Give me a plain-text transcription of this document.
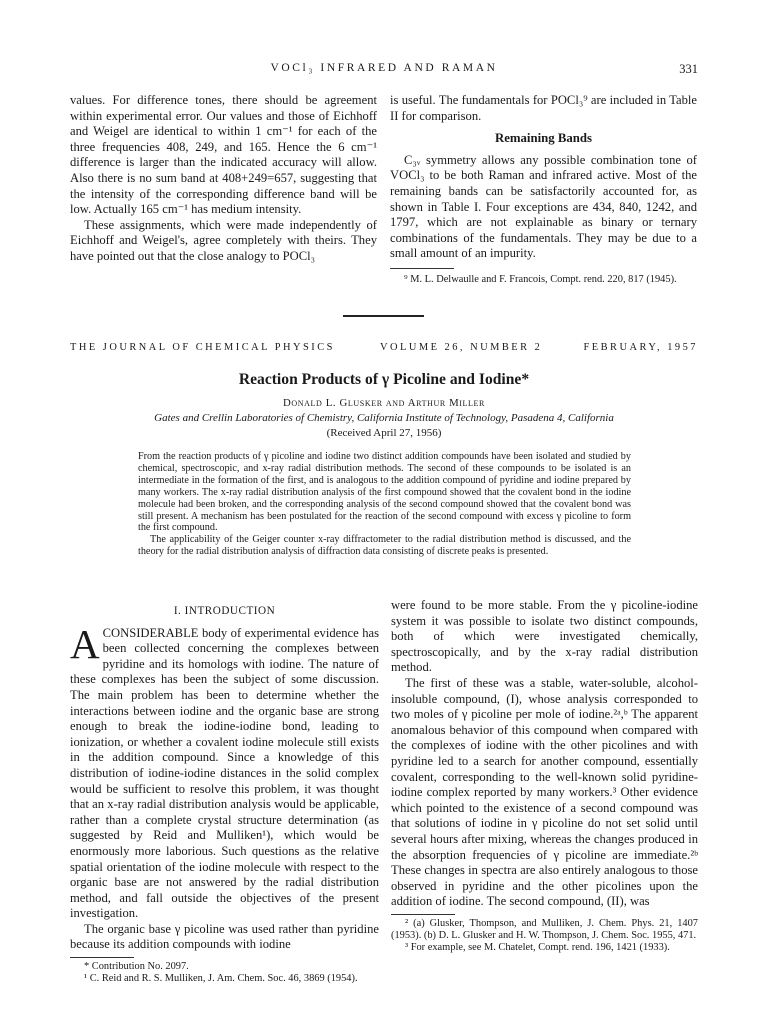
VOCl₃ INFRARED AND RAMAN	331

values. For difference tones, there should be agreement within experimental error. Our values and those of Eichhoff and Weigel are identical to within 1 cm⁻¹ for each of the three frequencies 408, 249, and 165. Hence the 6 cm⁻¹ difference is larger than the indicated accuracy will allow. Also there is no sum band at 408+249=657, suggesting that the intensity of the corresponding difference band will be low. Actually 165 cm⁻¹ has medium intensity.

These assignments, which were made independently of Eichhoff and Weigel's, agree completely with theirs. They have pointed out that the close analogy to POCl₃

is useful. The fundamentals for POCl₃⁹ are included in Table II for comparison.

Remaining Bands

C₃ᵥ symmetry allows any possible combination tone of VOCl₃ to be both Raman and infrared active. Most of the remaining bands can be satisfactorily accounted for, as shown in Table I. Four exceptions are 434, 840, 1242, and 1797, which are not explainable as binary or ternary combinations of the fundamentals. They may be due to a small amount of an impurity.

⁹ M. L. Delwaulle and F. Francois, Compt. rend. 220, 817 (1945).

THE JOURNAL OF CHEMICAL PHYSICS	VOLUME 26, NUMBER 2	FEBRUARY, 1957
Reaction Products of γ Picoline and Iodine*
Donald L. Glusker and Arthur Miller
Gates and Crellin Laboratories of Chemistry, California Institute of Technology, Pasadena 4, California
(Received April 27, 1956)

From the reaction products of γ picoline and iodine two distinct addition compounds have been isolated and studied by chemical, spectroscopic, and x-ray radial distribution methods. The second of these compounds to be isolated is an intermediate in the formation of the first, and is analogous to the addition compound of pyridine and iodine prepared by many workers. The x-ray radial distribution analysis of the first compound showed that the covalent bond in the iodine molecule had been broken, and the corresponding analysis of the second compound showed that the covalent bond was still present. A mechanism has been postulated for the reaction of the second compound with excess γ picoline to form the first compound.

The applicability of the Geiger counter x-ray diffractometer to the radial distribution method is discussed, and the theory for the radial distribution analysis of diffraction data consisting of discrete peaks is presented.

I. INTRODUCTION

ACONSIDERABLE body of experimental evidence has been collected concerning the complexes between pyridine and its homologs with iodine. The nature of these complexes has been the subject of some discussion. The main problem has been to determine whether the interactions between iodine and the organic base are strong enough to break the iodine-iodine bond, leading to ionization, or whether a covalent iodine molecule still exists in the addition compound. Since a knowledge of this distribution of iodine-iodine distances in the solid complex would be sufficient to resolve this problem, it was thought that an x-ray radial distribution analysis would be applicable, rather than a complete crystal structure determination (as suggested by Reid and Mulliken¹), which would be enormously more laborious. Such questions as the relative spatial orientation of the iodine molecule with respect to the organic base are not answered by the radial distribution method, and fall outside the objectives of the present investigation.

The organic base γ picoline was used rather than pyridine because its addition compounds with iodine

* Contribution No. 2097.

¹ C. Reid and R. S. Mulliken, J. Am. Chem. Soc. 46, 3869 (1954).

were found to be more stable. From the γ picoline-iodine system it was possible to isolate two distinct compounds, both of which were investigated chemically, spectroscopically, and by the x-ray radial distribution method.

The first of these was a stable, water-soluble, alcohol-insoluble compound, (I), whose analysis corresponded to two moles of γ picoline per mole of iodine.²ᵃ,ᵇ The apparent anomalous behavior of this compound when compared with the complexes of iodine with the other picolines and with pyridine led to a search for another compound, essentially covalent, corresponding to the well-known solid pyridine-iodine complex reported by many workers.³ Other evidence which pointed to the existence of a second compound was that solutions of iodine in γ picoline do not set solid until several hours after mixing, whereas the changes produced in the absorption frequencies of γ picoline are immediate.²ᵇ These changes in spectra are also entirely analogous to those observed in pyridine and the other picolines upon the addition of iodine. The second compound, (II), was

² (a) Glusker, Thompson, and Mulliken, J. Chem. Phys. 21, 1407 (1953). (b) D. L. Glusker and H. W. Thompson, J. Chem. Soc. 1955, 471.

³ For example, see M. Chatelet, Compt. rend. 196, 1421 (1933).
